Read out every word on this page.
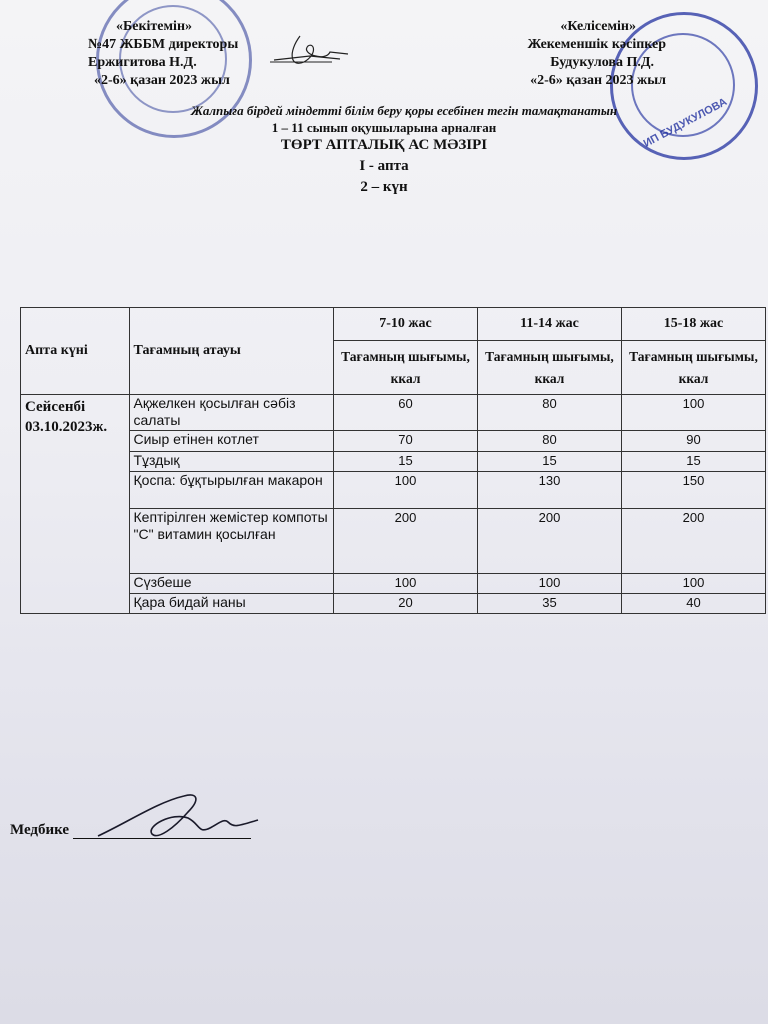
ИП БУДУКУЛОВА
«Бекітемін»
№47 ЖББМ директоры
Ержигитова Н.Д.
«2-6» қазан 2023 жыл
«Келісемін»
Жекеменшік кәсіпкер
Будукулова П.Д.
«2-6» қазан 2023 жыл
Жалпыға бірдей міндетті білім беру қоры есебінен тегін тамақтанатын
1 – 11 сынып оқушыларына арналған
ТӨРТ АПТАЛЫҚ АС МӘЗІРІ
I - апта
2 – күн
Апта күні	Тағамның атауы	7-10 жас	11-14 жас	15-18 жас
		Тағамның шығымы, ккал	Тағамның шығымы, ккал	Тағамның шығымы, ккал
Сейсенбі 03.10.2023ж.	Ақжелкен қосылған сәбіз салаты	60	80	100
	Сиыр етінен котлет	70	80	90
	Тұздық	15	15	15
	Қоспа: бұқтырылған макарон	100	130	150
	Кептірілген жемістер компоты "С" витамин қосылған	200	200	200
	Сүзбеше	100	100	100
	Қара бидай наны	20	35	40
Медбике
